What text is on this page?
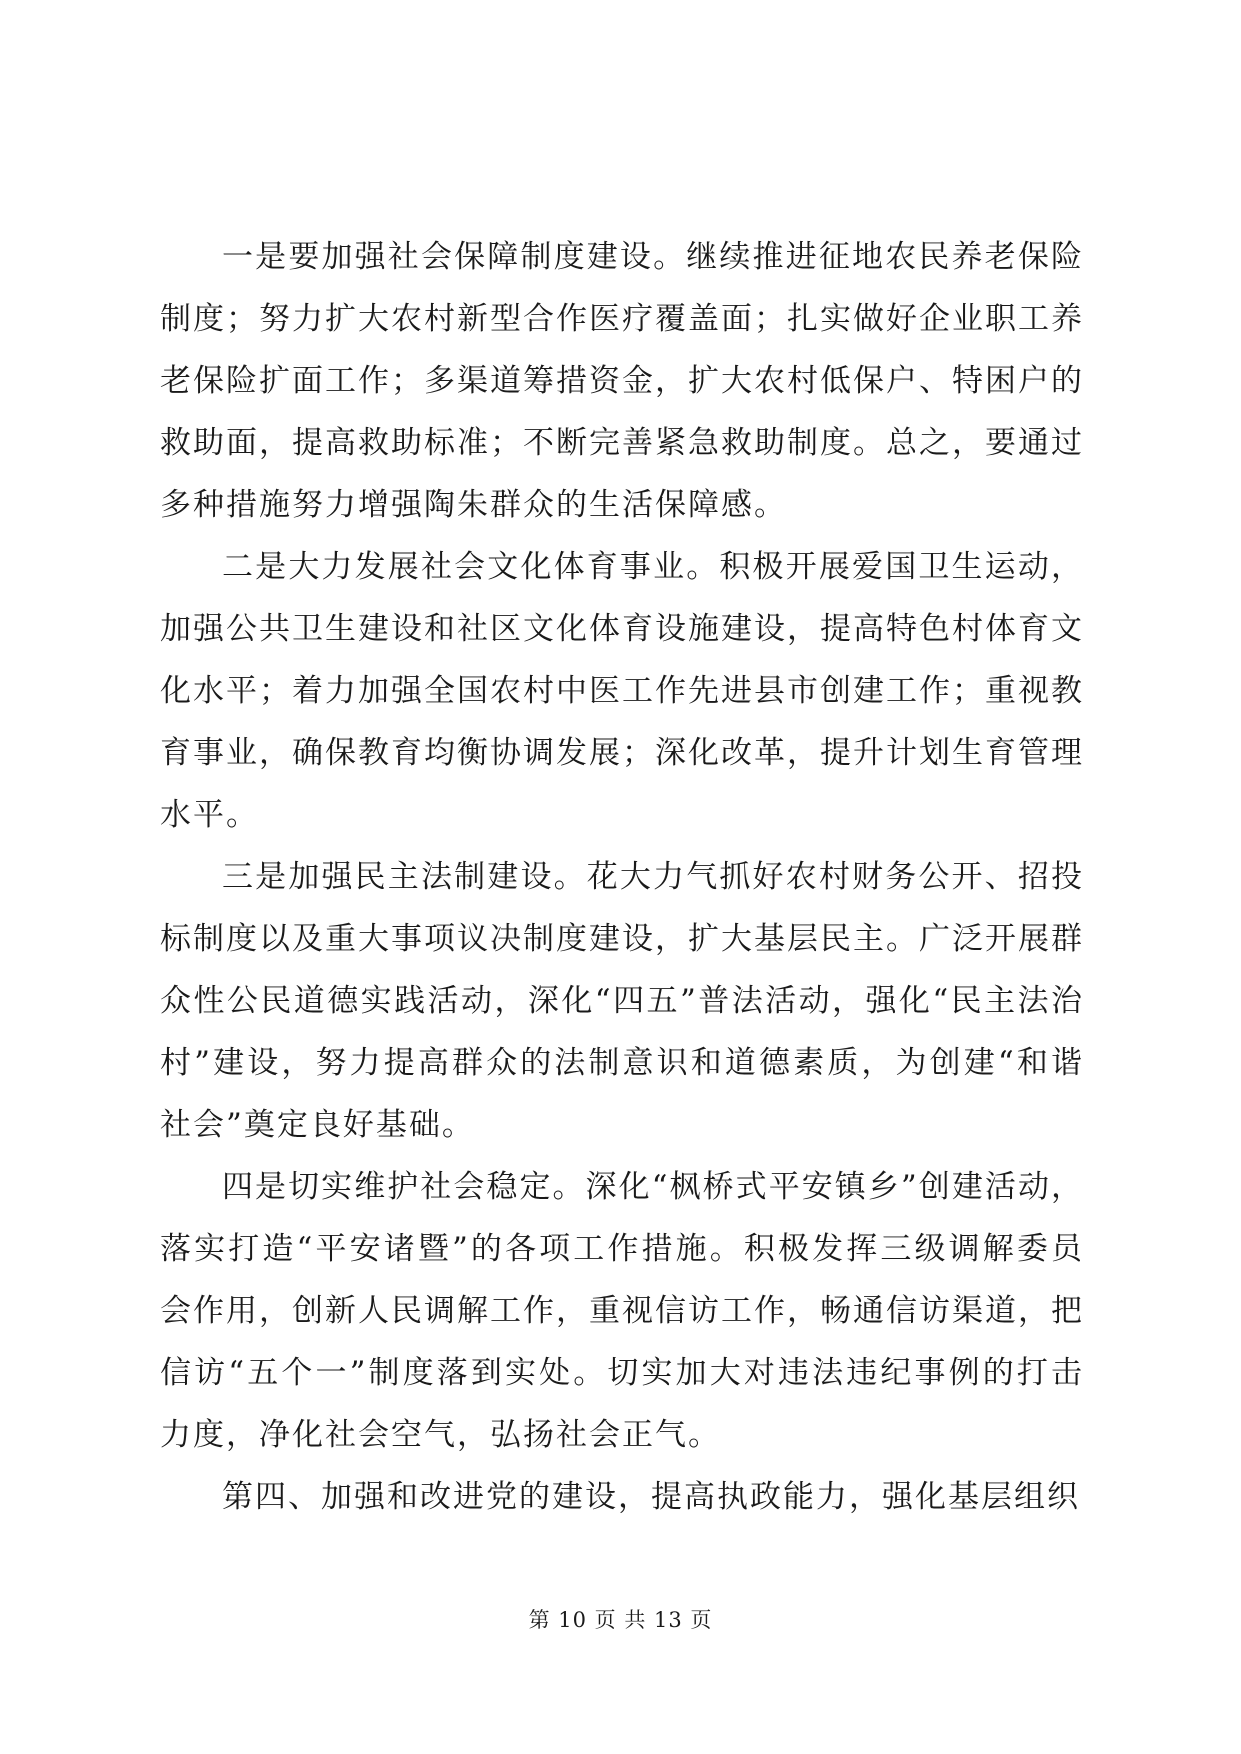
一是要加强社会保障制度建设。继续推进征地农民养老保险制度；努力扩大农村新型合作医疗覆盖面；扎实做好企业职工养老保险扩面工作；多渠道筹措资金，扩大农村低保户、特困户的救助面，提高救助标准；不断完善紧急救助制度。总之，要通过多种措施努力增强陶朱群众的生活保障感。

二是大力发展社会文化体育事业。积极开展爱国卫生运动，加强公共卫生建设和社区文化体育设施建设，提高特色村体育文化水平；着力加强全国农村中医工作先进县市创建工作；重视教育事业，确保教育均衡协调发展；深化改革，提升计划生育管理水平。

三是加强民主法制建设。花大力气抓好农村财务公开、招投标制度以及重大事项议决制度建设，扩大基层民主。广泛开展群众性公民道德实践活动，深化“四五”普法活动，强化“民主法治村”建设，努力提高群众的法制意识和道德素质，为创建“和谐社会”奠定良好基础。

四是切实维护社会稳定。深化“枫桥式平安镇乡”创建活动，落实打造“平安诸暨”的各项工作措施。积极发挥三级调解委员会作用，创新人民调解工作，重视信访工作，畅通信访渠道，把信访“五个一”制度落到实处。切实加大对违法违纪事例的打击力度，净化社会空气，弘扬社会正气。

第四、加强和改进党的建设，提高执政能力，强化基层组织

第 10 页 共 13 页
